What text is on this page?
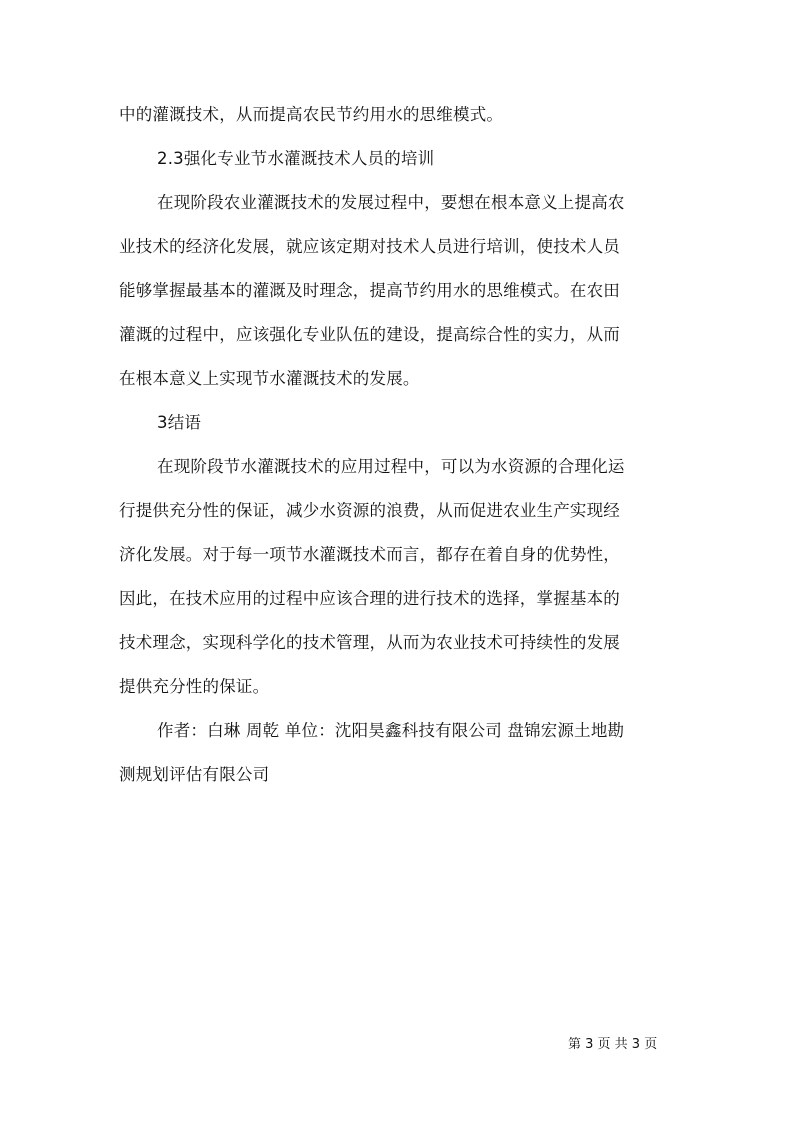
中的灌溉技术，从而提高农民节约用水的思维模式。
2.3强化专业节水灌溉技术人员的培训
在现阶段农业灌溉技术的发展过程中，要想在根本意义上提高农
业技术的经济化发展，就应该定期对技术人员进行培训，使技术人员
能够掌握最基本的灌溉及时理念，提高节约用水的思维模式。在农田
灌溉的过程中，应该强化专业队伍的建设，提高综合性的实力，从而
在根本意义上实现节水灌溉技术的发展。
3结语
在现阶段节水灌溉技术的应用过程中，可以为水资源的合理化运
行提供充分性的保证，减少水资源的浪费，从而促进农业生产实现经
济化发展。对于每一项节水灌溉技术而言，都存在着自身的优势性，
因此，在技术应用的过程中应该合理的进行技术的选择，掌握基本的
技术理念，实现科学化的技术管理，从而为农业技术可持续性的发展
提供充分性的保证。
作者：白琳 周乾 单位：沈阳昊鑫科技有限公司 盘锦宏源土地勘
测规划评估有限公司
第 3 页 共 3 页
